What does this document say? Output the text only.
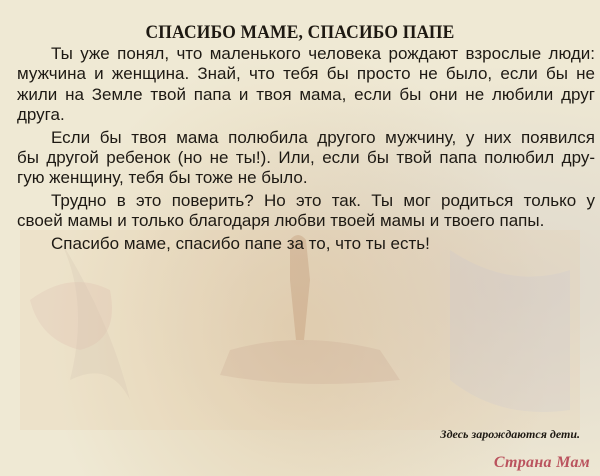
СПАСИБО МАМЕ, СПАСИБО ПАПЕ

Ты уже понял, что маленького человека рождают взрослые люди:
мужчина и женщина. Знай, что тебя бы просто не было, если бы не
жили на Земле твой папа и твоя мама, если бы они не любили друг
друга.

Если бы твоя мама полюбила другого мужчину, у них появился
бы другой ребенок (но не ты!). Или, если бы твой папа полюбил дру-
гую женщину, тебя бы тоже не было.

Трудно в это поверить? Но это так. Ты мог родиться только у
своей мамы и только благодаря любви твоей мамы и твоего папы.

Спасибо маме, спасибо папе за то, что ты есть!

Здесь зарождаются дети.
Страна Мам
